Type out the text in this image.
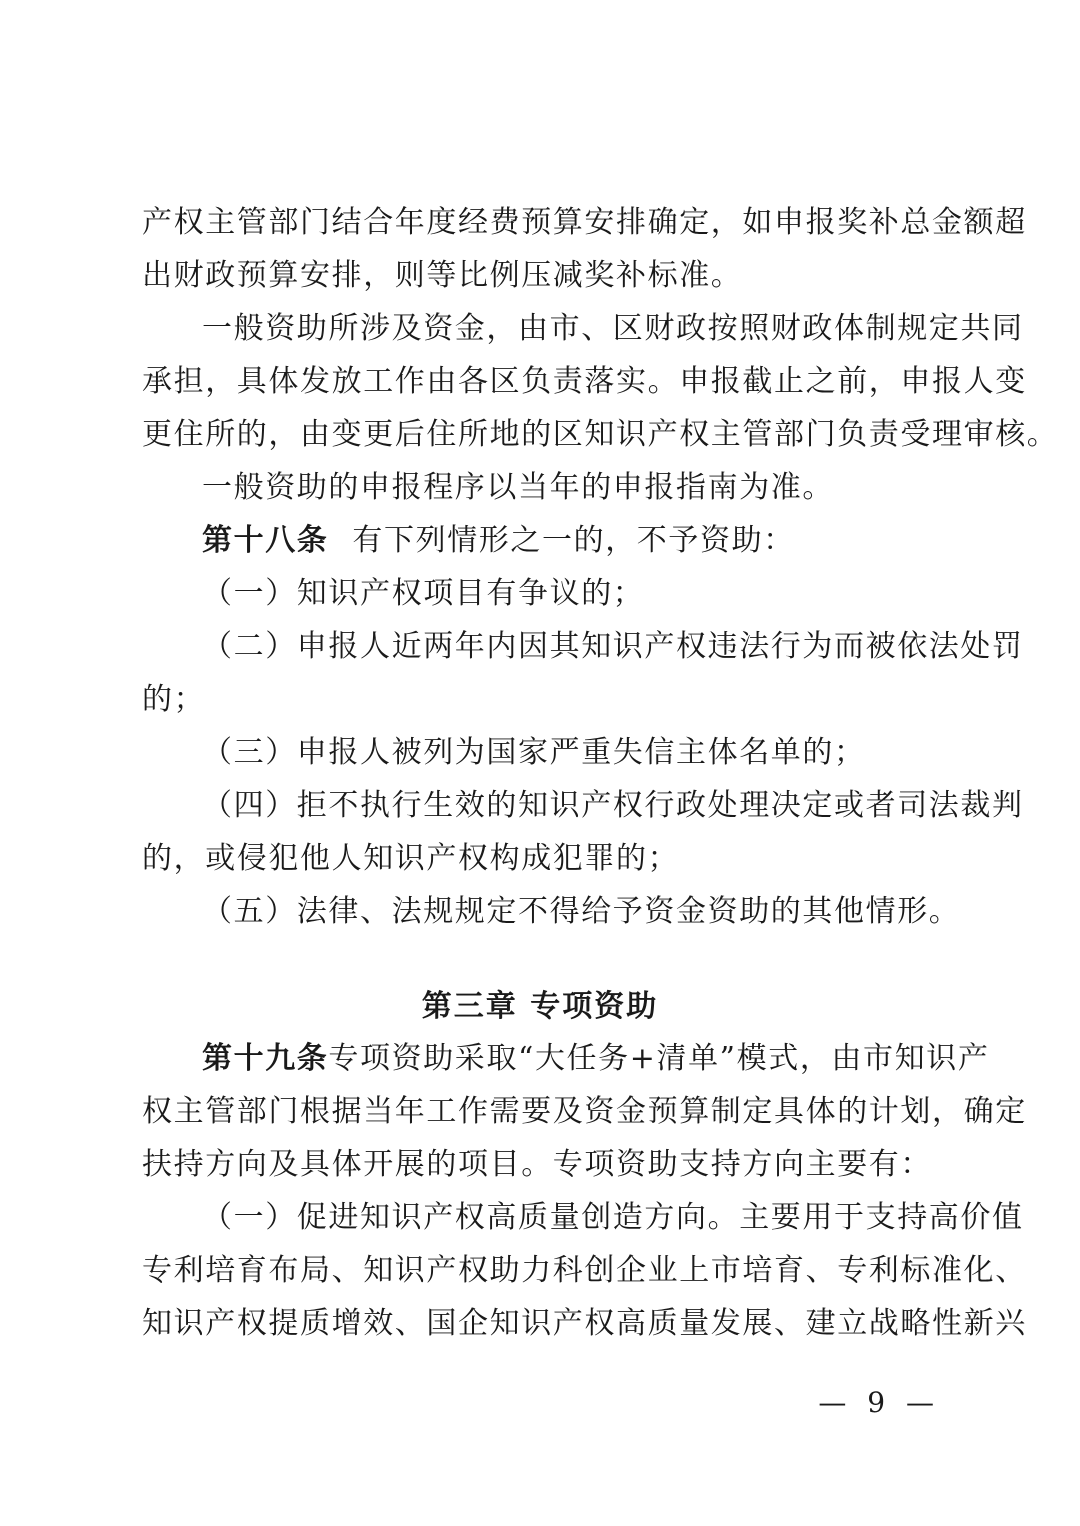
产权主管部门结合年度经费预算安排确定，如申报奖补总金额超
出财政预算安排，则等比例压减奖补标准。
一般资助所涉及资金，由市、区财政按照财政体制规定共同
承担，具体发放工作由各区负责落实。申报截止之前，申报人变
更住所的，由变更后住所地的区知识产权主管部门负责受理审核。
一般资助的申报程序以当年的申报指南为准。
第十八条 有下列情形之一的，不予资助：
（一）知识产权项目有争议的；
（二）申报人近两年内因其知识产权违法行为而被依法处罚
的；
（三）申报人被列为国家严重失信主体名单的；
（四）拒不执行生效的知识产权行政处理决定或者司法裁判
的，或侵犯他人知识产权构成犯罪的；
（五）法律、法规规定不得给予资金资助的其他情形。
第三章 专项资助
第十九条专项资助采取“大任务+清单”模式，由市知识产
权主管部门根据当年工作需要及资金预算制定具体的计划，确定
扶持方向及具体开展的项目。专项资助支持方向主要有：
（一）促进知识产权高质量创造方向。主要用于支持高价值
专利培育布局、知识产权助力科创企业上市培育、专利标准化、
知识产权提质增效、国企知识产权高质量发展、建立战略性新兴
— 9 —
